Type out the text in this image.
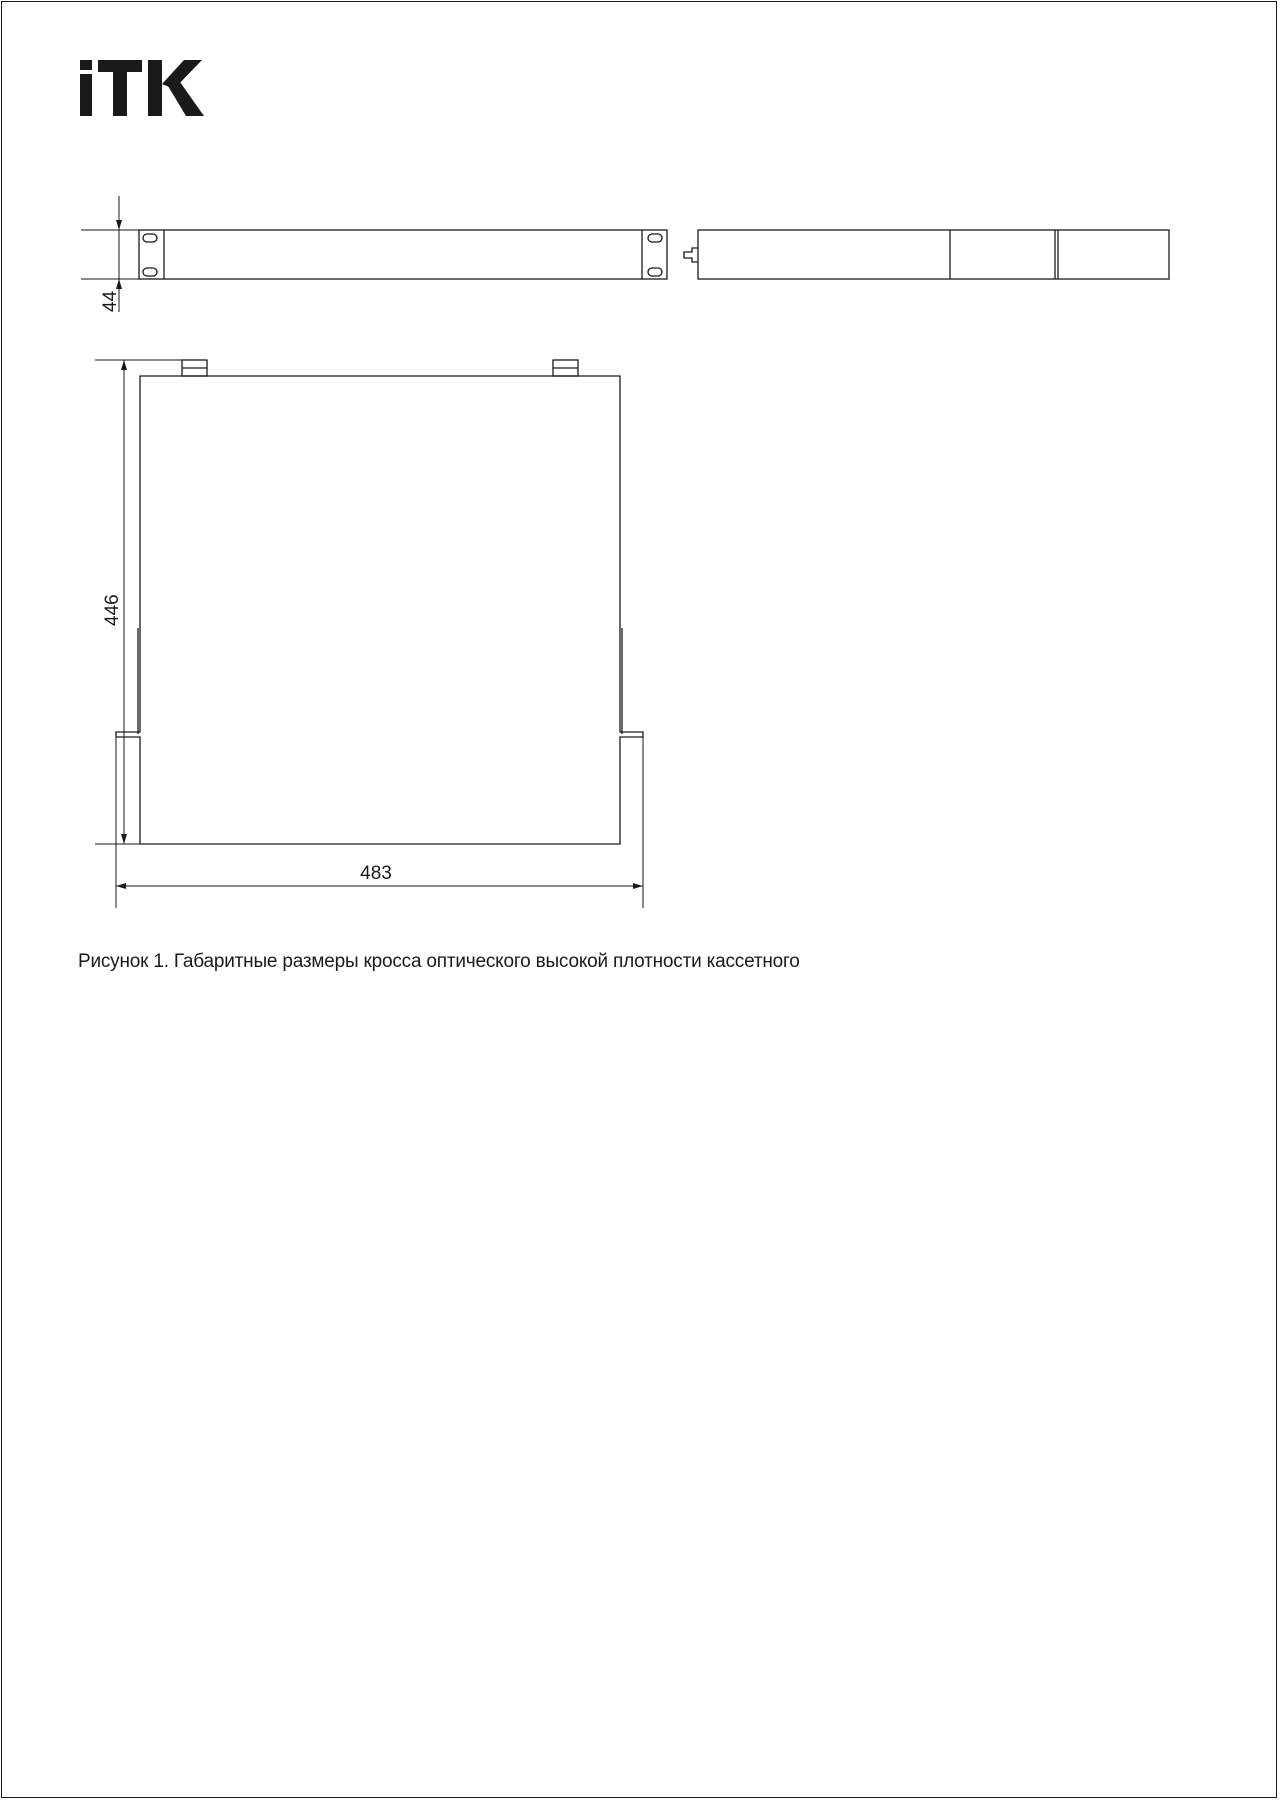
44
446
483
Рисунок 1. Габаритные размеры кросса оптического высокой плотности кассетного
